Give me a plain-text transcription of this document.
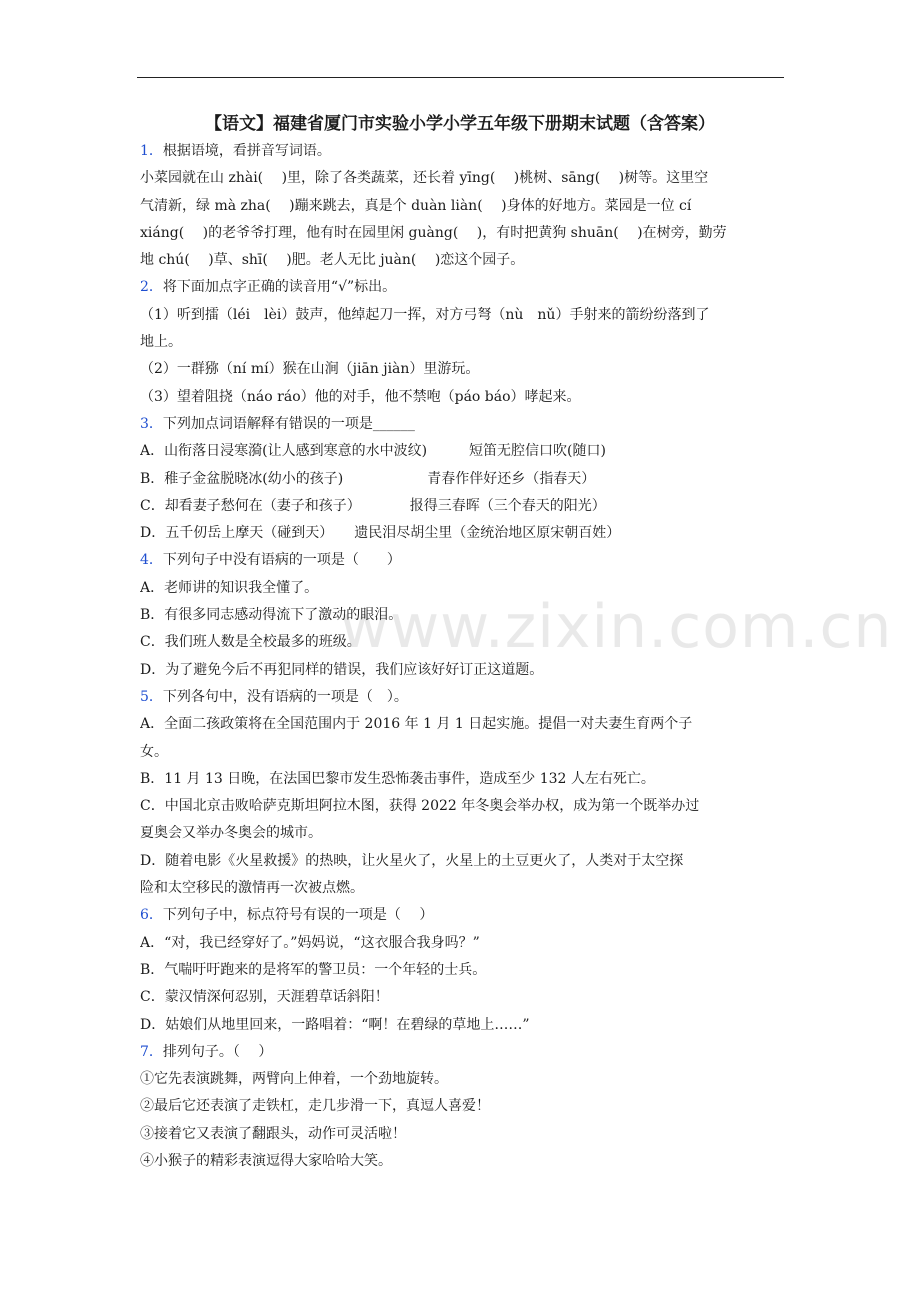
www.zixin.com.cn
【语文】福建省厦门市实验小学小学五年级下册期末试题（含答案）
1．根据语境，看拼音写词语。
小菜园就在山 zhài(　 )里，除了各类蔬菜，还长着 yīng(　 )桃树、sāng(　 )树等。这里空
气清新，绿 mà zha(　 )蹦来跳去，真是个 duàn liàn(　 )身体的好地方。菜园是一位 cí
xiáng(　 )的老爷爷打理，他有时在园里闲 guàng(　 )，有时把黄狗 shuān(　 )在树旁，勤劳
地 chú(　 )草、shī(　 )肥。老人无比 juàn(　 )恋这个园子。
2．将下面加点字正确的读音用“√”标出。
（1）听到擂（léi　lèi）鼓声，他绰起刀一挥，对方弓弩（nù　nǔ）手射来的箭纷纷落到了
地上。
（2）一群猕（ní mí）猴在山涧（jiān jiàn）里游玩。
（3）望着阻挠（náo ráo）他的对手，他不禁咆（páo báo）哮起来。
3．下列加点词语解释有错误的一项是______
A．山衔落日浸寒漪(让人感到寒意的水中波纹)　　　短笛无腔信口吹(随口)
B．稚子金盆脱晓冰(幼小的孩子)　　　　　　青春作伴好还乡（指春天）
C．却看妻子愁何在（妻子和孩子）　　　　报得三春晖（三个春天的阳光）
D．五千仞岳上摩天（碰到天）　　遗民泪尽胡尘里（金统治地区原宋朝百姓）
4．下列句子中没有语病的一项是（　　）
A．老师讲的知识我全懂了。
B．有很多同志感动得流下了激动的眼泪。
C．我们班人数是全校最多的班级。
D．为了避免今后不再犯同样的错误，我们应该好好订正这道题。
5．下列各句中，没有语病的一项是（　）。
A．全面二孩政策将在全国范围内于 2016 年 1 月 1 日起实施。提倡一对夫妻生育两个子
女。
B．11 月 13 日晚，在法国巴黎市发生恐怖袭击事件，造成至少 132 人左右死亡。
C．中国北京击败哈萨克斯坦阿拉木图，获得 2022 年冬奥会举办权，成为第一个既举办过
夏奥会又举办冬奥会的城市。
D．随着电影《火星救援》的热映，让火星火了，火星上的土豆更火了，人类对于太空探
险和太空移民的激情再一次被点燃。
6．下列句子中，标点符号有误的一项是（　 ）
A．“对，我已经穿好了。”妈妈说，“这衣服合我身吗？”
B．气喘吁吁跑来的是将军的警卫员：一个年轻的士兵。
C．蒙汉情深何忍别，天涯碧草话斜阳！
D．姑娘们从地里回来，一路唱着：“啊！在碧绿的草地上……”
7．排列句子。（　 ）
①它先表演跳舞，两臂向上伸着，一个劲地旋转。
②最后它还表演了走铁杠，走几步滑一下，真逗人喜爱！
③接着它又表演了翻跟头，动作可灵活啦！
④小猴子的精彩表演逗得大家哈哈大笑。
